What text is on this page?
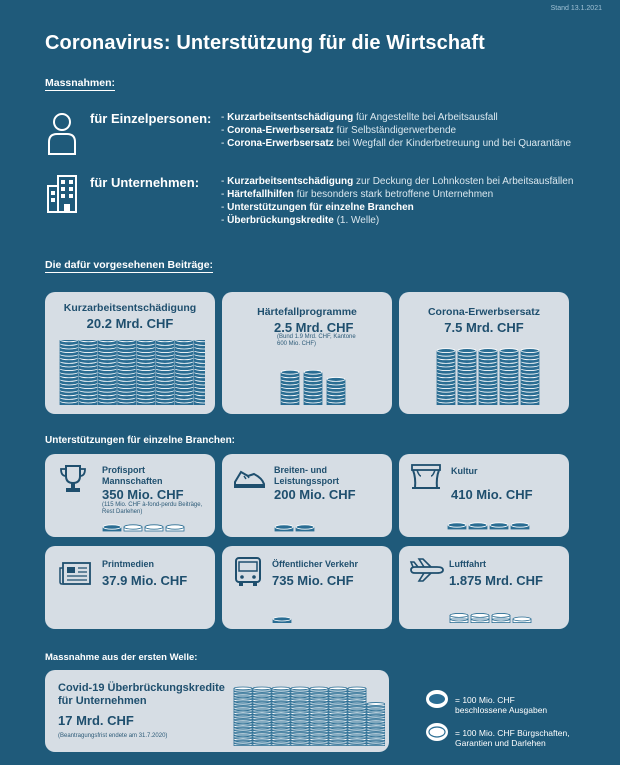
Stand 13.1.2021
Coronavirus: Unterstützung für die Wirtschaft
Massnahmen:
für Einzelpersonen: - Kurzarbeitsentschädigung für Angestellte bei Arbeitsausfall
- Corona-Erwerbsersatz für Selbständigerwerbende
- Corona-Erwerbsersatz bei Wegfall der Kinderbetreuung und bei Quarantäne
für Unternehmen: - Kurzarbeitsentschädigung zur Deckung der Lohnkosten bei Arbeitsausfällen
- Härtefallhilfen für besonders stark betroffene Unternehmen
- Unterstützungen für einzelne Branchen
- Überbrückungskredite (1. Welle)
Die dafür vorgesehenen Beiträge:
Kurzarbeitsentschädigung
20.2 Mrd. CHF
Härtefallprogramme
2.5 Mrd. CHF
(Bund 1.9 Mrd. CHF, Kantone 600 Mio. CHF)
Corona-Erwerbsersatz
7.5 Mrd. CHF
Unterstützungen für einzelne Branchen:
Profisport Mannschaften
350 Mio. CHF
(115 Mio. CHF à-fond-perdu Beiträge, Rest Darlehen)
Breiten- und Leistungssport
200 Mio. CHF
Kultur
410 Mio. CHF
Printmedien
37.9 Mio. CHF
Öffentlicher Verkehr
735 Mio. CHF
Luftfahrt
1.875 Mrd. CHF
Massnahme aus der ersten Welle:
Covid-19 Überbrückungskredite für Unternehmen
17 Mrd. CHF
(Beantragungsfrist endete am 31.7.2020)
= 100 Mio. CHF beschlossene Ausgaben
= 100 Mio. CHF Bürgschaften, Garantien und Darlehen
